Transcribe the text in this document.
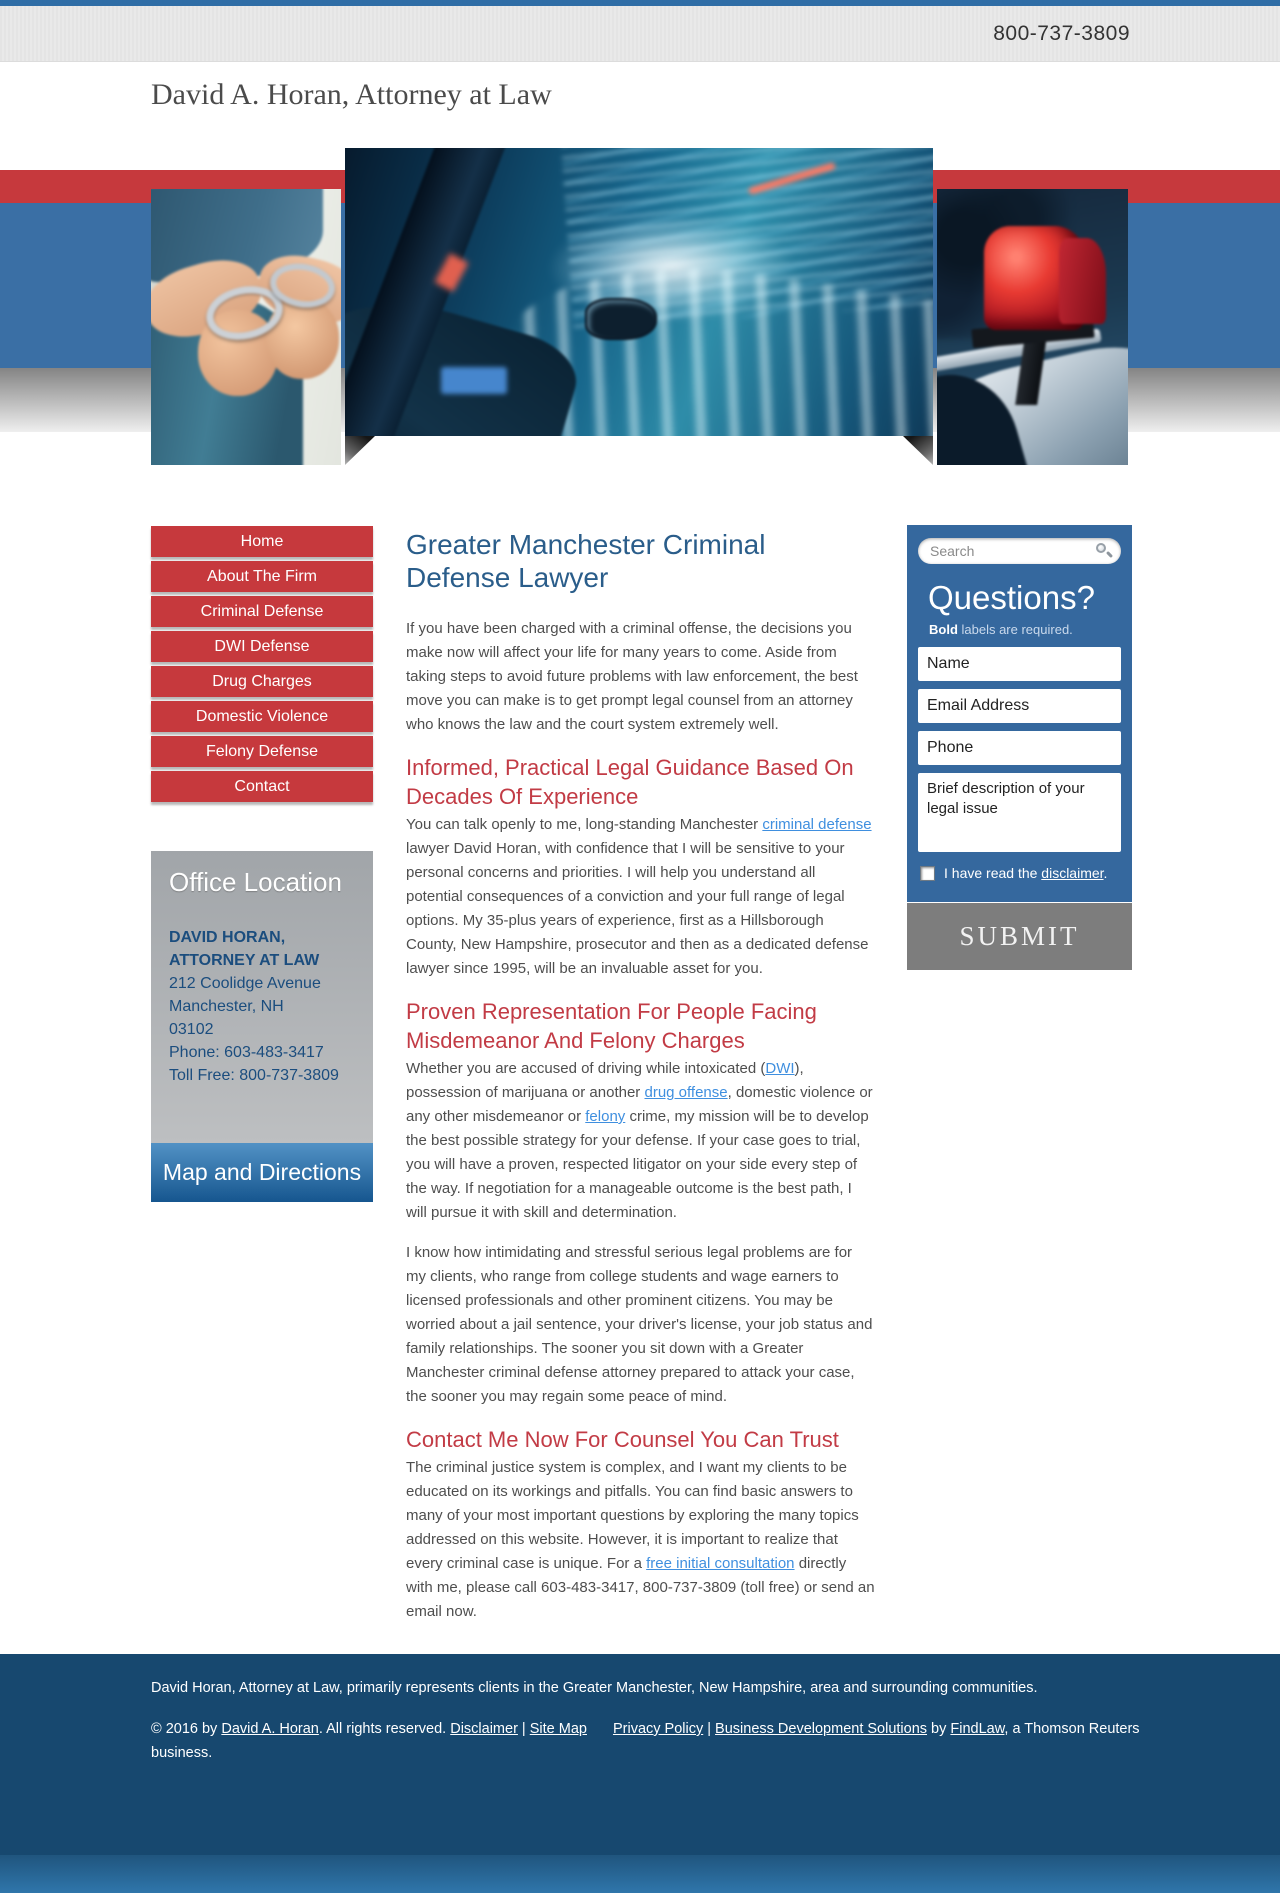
800-737-3809
David A. Horan, Attorney at Law
Home
About The Firm
Criminal Defense
DWI Defense
Drug Charges
Domestic Violence
Felony Defense
Contact
Office Location
DAVID HORAN,
ATTORNEY AT LAW
212 Coolidge Avenue
Manchester, NH
03102
Phone: 603-483-3417
Toll Free: 800-737-3809
Map and Directions
Greater Manchester Criminal Defense Lawyer

If you have been charged with a criminal offense, the decisions you make now will affect your life for many years to come. Aside from taking steps to avoid future problems with law enforcement, the best move you can make is to get prompt legal counsel from an attorney who knows the law and the court system extremely well.

Informed, Practical Legal Guidance Based On Decades Of Experience

You can talk openly to me, long-standing Manchester criminal defense lawyer David Horan, with confidence that I will be sensitive to your personal concerns and priorities. I will help you understand all potential consequences of a conviction and your full range of legal options. My 35-plus years of experience, first as a Hillsborough County, New Hampshire, prosecutor and then as a dedicated defense lawyer since 1995, will be an invaluable asset for you.

Proven Representation For People Facing Misdemeanor And Felony Charges

Whether you are accused of driving while intoxicated (DWI), possession of marijuana or another drug offense, domestic violence or any other misdemeanor or felony crime, my mission will be to develop the best possible strategy for your defense. If your case goes to trial, you will have a proven, respected litigator on your side every step of the way. If negotiation for a manageable outcome is the best path, I will pursue it with skill and determination.

I know how intimidating and stressful serious legal problems are for my clients, who range from college students and wage earners to licensed professionals and other prominent citizens. You may be worried about a jail sentence, your driver's license, your job status and family relationships. The sooner you sit down with a Greater Manchester criminal defense attorney prepared to attack your case, the sooner you may regain some peace of mind.

Contact Me Now For Counsel You Can Trust

The criminal justice system is complex, and I want my clients to be educated on its workings and pitfalls. You can find basic answers to many of your most important questions by exploring the many topics addressed on this website. However, it is important to realize that every criminal case is unique. For a free initial consultation directly with me, please call 603-483-3417, 800-737-3809 (toll free) or send an email now.

Search
Questions?
Bold labels are required.
Name
Email Address
Phone
Brief description of your legal issue
I have read the disclaimer.
SUBMIT
David Horan, Attorney at Law, primarily represents clients in the Greater Manchester, New Hampshire, area and surrounding communities.
© 2016 by David A. Horan. All rights reserved. Disclaimer | Site Map Privacy Policy | Business Development Solutions by FindLaw, a Thomson Reuters business.
